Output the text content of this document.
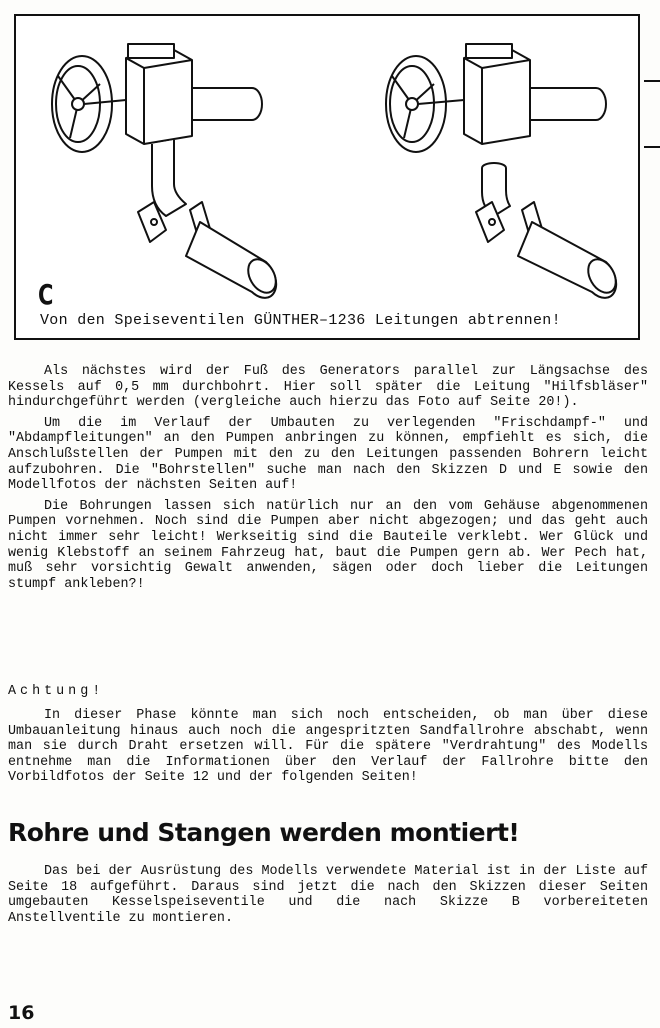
C
Von den Speiseventilen GÜNTHER–1236 Leitungen abtrennen!

Als nächstes wird der Fuß des Generators parallel zur Längsachse des Kessels auf 0,5 mm durchbohrt. Hier soll später die Leitung "Hilfsbläser" hindurchgeführt werden (vergleiche auch hierzu das Foto auf Seite 20!).

Um die im Verlauf der Umbauten zu verlegenden "Frischdampf-" und "Abdampfleitungen" an den Pumpen anbringen zu können, empfiehlt es sich, die Anschlußstellen der Pumpen mit den zu den Leitungen passenden Bohrern leicht aufzubohren. Die "Bohrstellen" suche man nach den Skizzen D und E sowie den Modellfotos der nächsten Seiten auf!

Die Bohrungen lassen sich natürlich nur an den vom Gehäuse abgenommenen Pumpen vornehmen. Noch sind die Pumpen aber nicht abgezogen; und das geht auch nicht immer sehr leicht! Werkseitig sind die Bauteile verklebt. Wer Glück und wenig Klebstoff an seinem Fahrzeug hat, baut die Pumpen gern ab. Wer Pech hat, muß sehr vorsichtig Gewalt anwenden, sägen oder doch lieber die Leitungen stumpf ankleben?!

Achtung!

In dieser Phase könnte man sich noch entscheiden, ob man über diese Umbauanleitung hinaus auch noch die angespritzten Sandfallrohre abschabt, wenn man sie durch Draht ersetzen will. Für die spätere "Verdrahtung" des Modells entnehme man die Informationen über den Verlauf der Fallrohre bitte den Vorbildfotos der Seite 12 und der folgenden Seiten!

Rohre und Stangen werden montiert!

Das bei der Ausrüstung des Modells verwendete Material ist in der Liste auf Seite 18 aufgeführt. Daraus sind jetzt die nach den Skizzen dieser Seiten umgebauten Kesselspeiseventile und die nach Skizze B vorbereiteten Anstellventile zu montieren.

16
